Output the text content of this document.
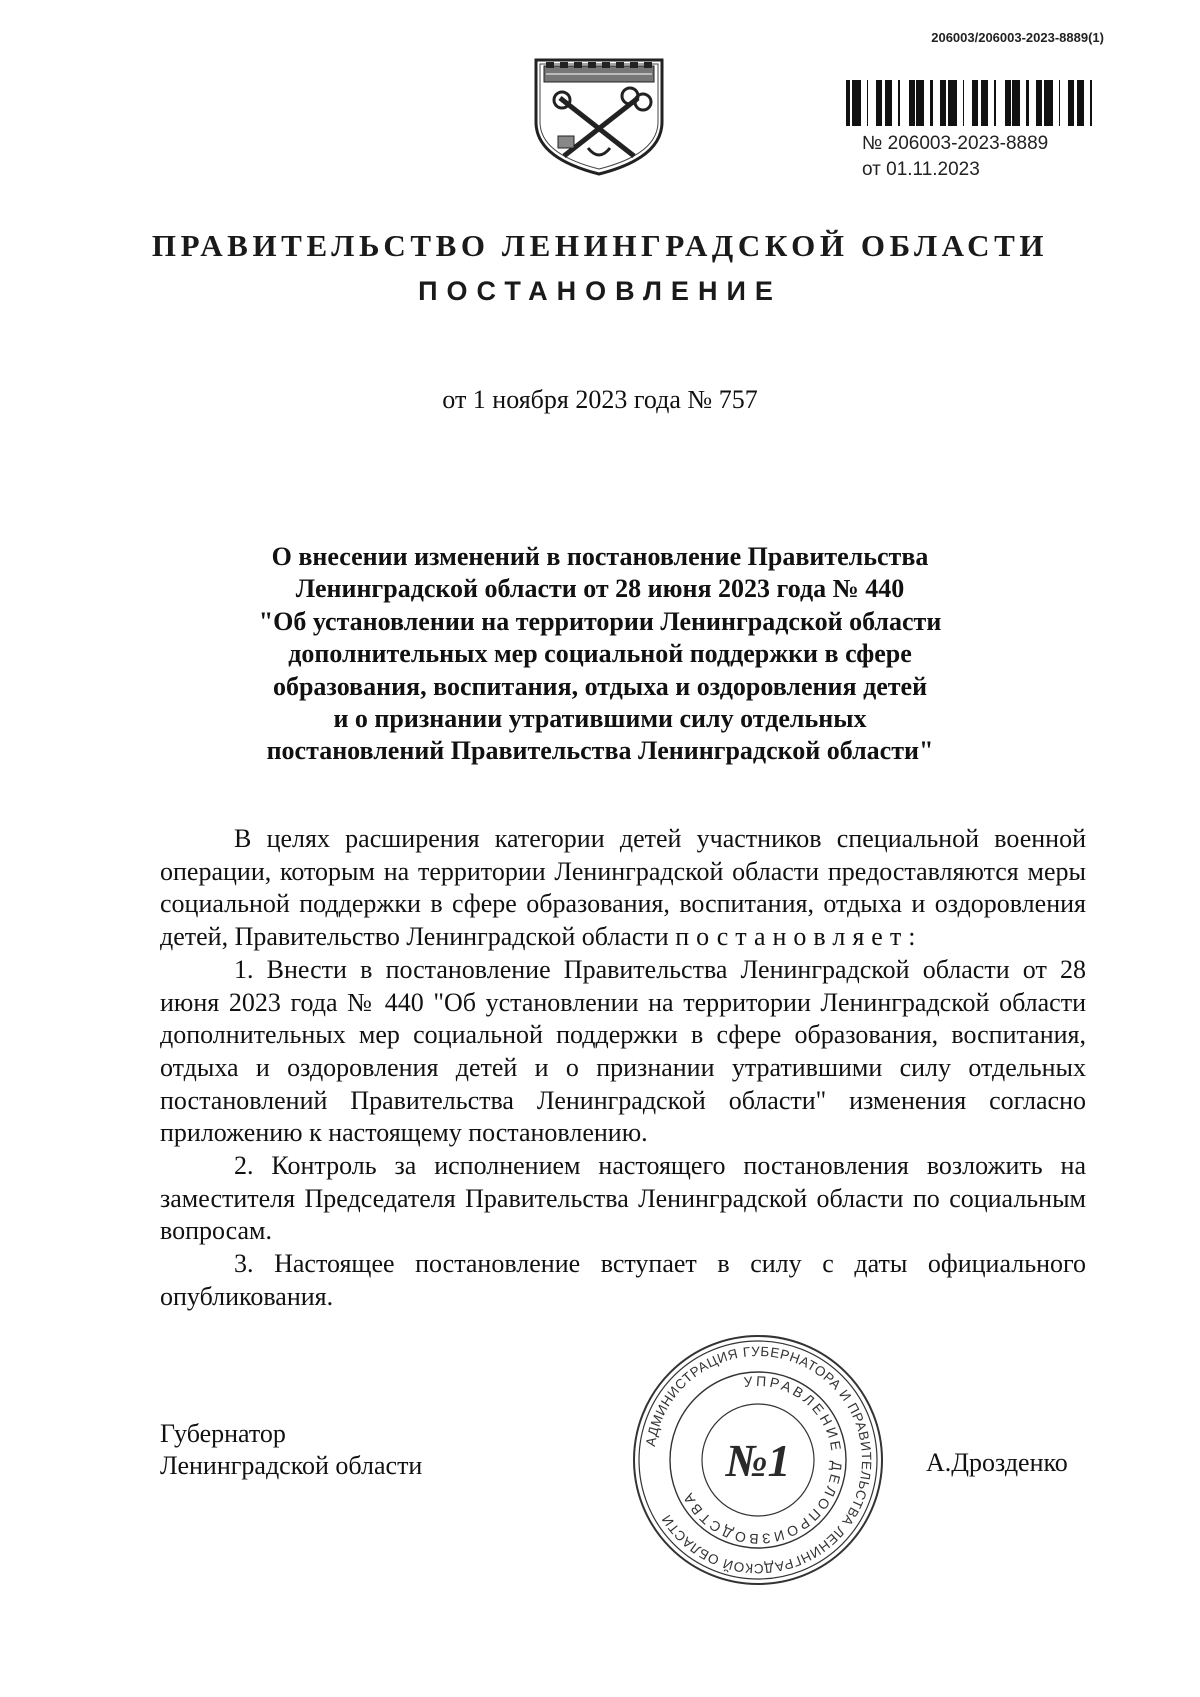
206003/206003-2023-8889(1)
№ 206003-2023-8889
от 01.11.2023
ПРАВИТЕЛЬСТВО ЛЕНИНГРАДСКОЙ ОБЛАСТИ
ПОСТАНОВЛЕНИЕ
от 1 ноября 2023 года № 757
О внесении изменений в постановление Правительства
Ленинградской области от 28 июня 2023 года № 440
"Об установлении на территории Ленинградской области
дополнительных мер социальной поддержки в сфере
образования, воспитания, отдыха и оздоровления детей
и о признании утратившими силу отдельных
постановлений Правительства Ленинградской области"

В целях расширения категории детей участников специальной военной операции, которым на территории Ленинградской области предоставляются меры социальной поддержки в сфере образования, воспитания, отдыха и оздоровления детей, Правительство Ленинградской области постановляет:

1. Внести в постановление Правительства Ленинградской области от 28 июня 2023 года № 440 "Об установлении на территории Ленинградской области дополнительных мер социальной поддержки в сфере образования, воспитания, отдыха и оздоровления детей и о признании утратившими силу отдельных постановлений Правительства Ленинградской области" изменения согласно приложению к настоящему постановлению.

2. Контроль за исполнением настоящего постановления возложить на заместителя Председателя Правительства Ленинградской области по социальным вопросам.

3. Настоящее постановление вступает в силу с даты официального опубликования.

Губернатор
Ленинградской области	А.Дрозденко
АДМИНИСТРАЦИЯ ГУБЕРНАТОРА И ПРАВИТЕЛЬСТВА ЛЕНИНГРАДСКОЙ ОБЛАСТИ
УПРАВЛЕНИЕ ДЕЛОПРОИЗВОДСТВА
№1
